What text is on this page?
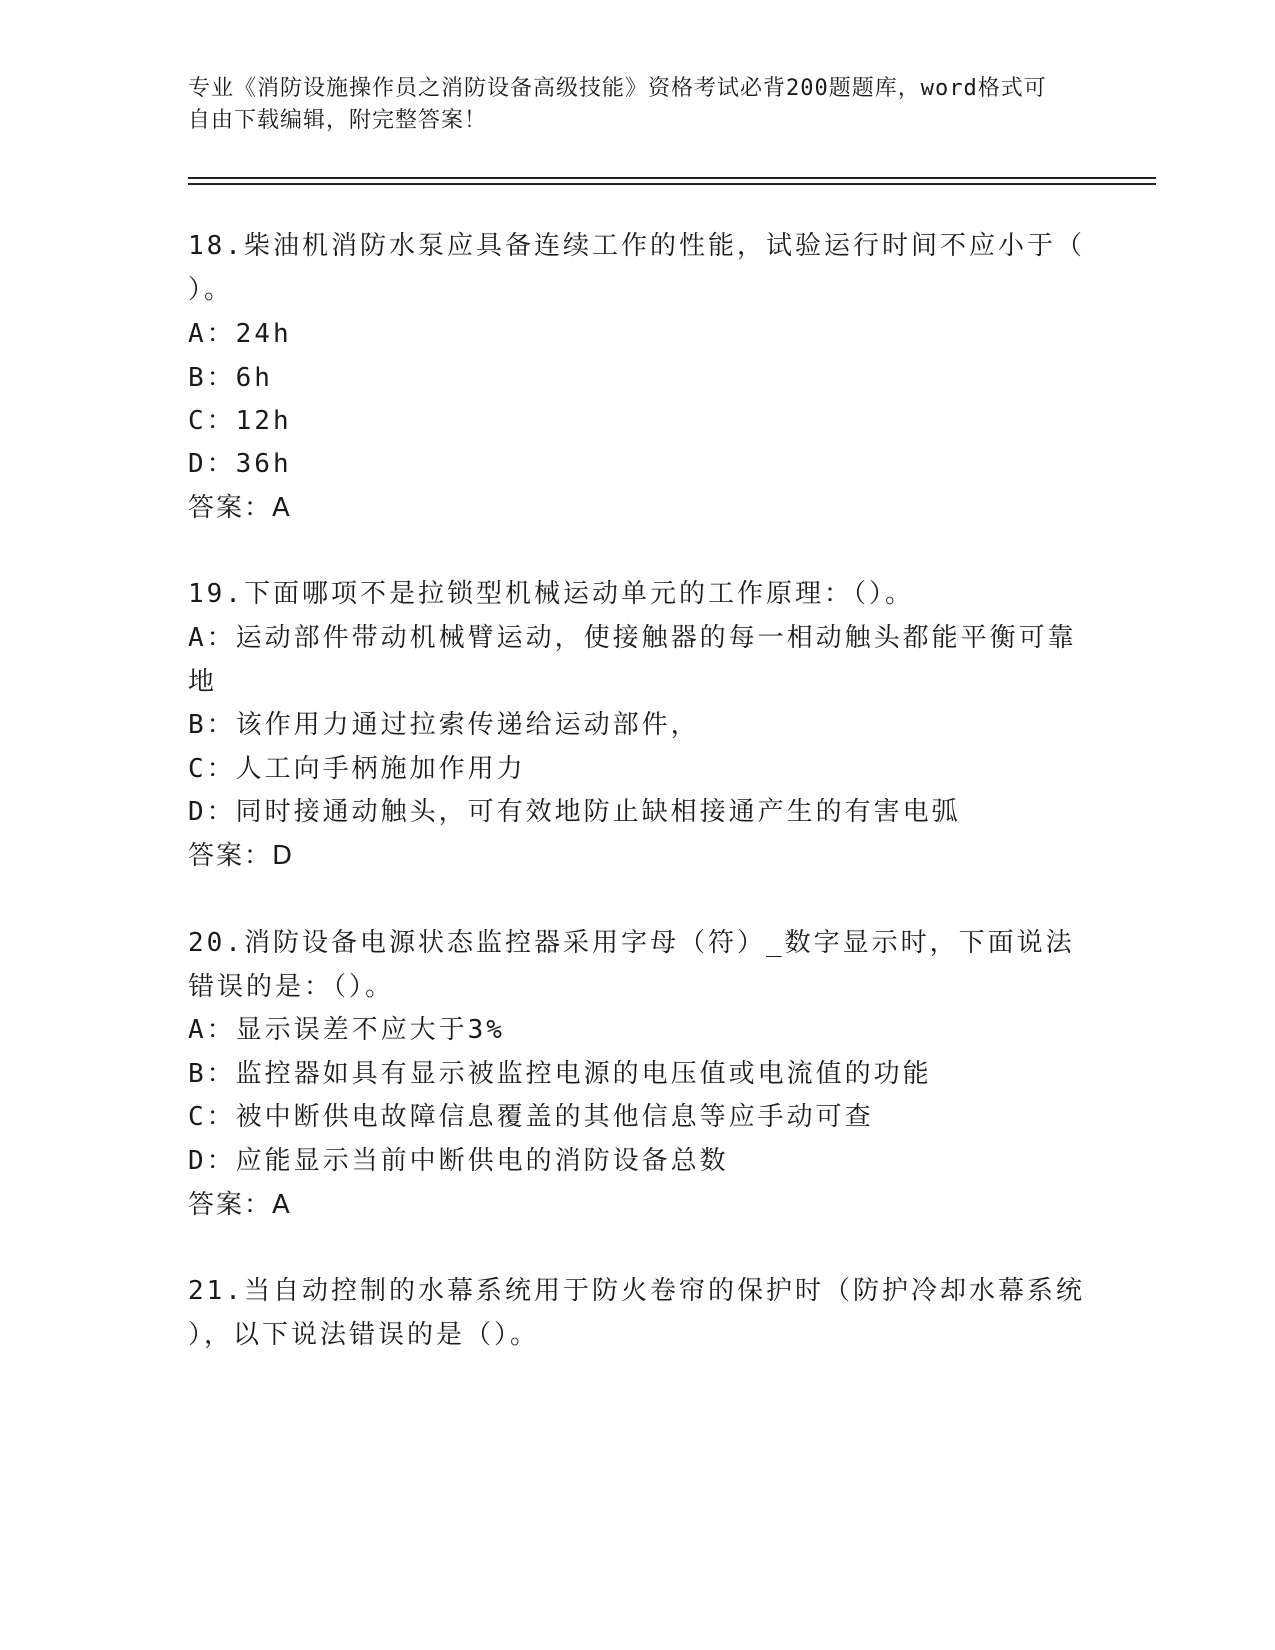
专业《消防设施操作员之消防设备高级技能》资格考试必背200题题库，word格式可自由下载编辑，附完整答案！
18.柴油机消防水泵应具备连续工作的性能，试验运行时间不应小于（
）。
A：24h
B：6h
C：12h
D：36h
答案：A
19.下面哪项不是拉锁型机械运动单元的工作原理：（）。
A：运动部件带动机械臂运动，使接触器的每一相动触头都能平衡可靠
地
B：该作用力通过拉索传递给运动部件，
C：人工向手柄施加作用力
D：同时接通动触头，可有效地防止缺相接通产生的有害电弧
答案：D
20.消防设备电源状态监控器采用字母（符）_数字显示时，下面说法
错误的是：（）。
A：显示误差不应大于3%
B：监控器如具有显示被监控电源的电压值或电流值的功能
C：被中断供电故障信息覆盖的其他信息等应手动可查
D：应能显示当前中断供电的消防设备总数
答案：A
21.当自动控制的水幕系统用于防火卷帘的保护时（防护冷却水幕系统
），以下说法错误的是（）。
